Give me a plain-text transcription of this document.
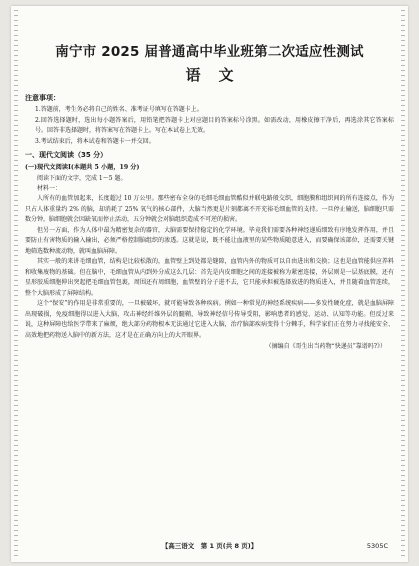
南宁市 2025 届普通高中毕业班第二次适应性测试
语文
注意事项：

1.答题前，考生务必将自己的姓名、准考证号填写在答题卡上。

2.回答选择题时，选出每小题答案后，用铅笔把答题卡上对应题目的答案标号涂黑。如需改动，用橡皮擦干净后，再选涂其它答案标号。回答非选择题时，将答案写在答题卡上。写在本试卷上无效。

3.考试结束后，将本试卷和答题卡一并交回。

一、现代文阅读（35 分）
(一)现代文阅读Ⅰ(本题共 5 小题，19 分)
阅读下面的文字，完成 1～5 题。
材料一：

人所有的血管加起来，长度超过 10 万公里。那些密布全身的毛细毛细血管酷似并联电路般交织，细胞膜和组织间的所有连接点，作为只占人体重量约 2% 的脑，却消耗了 25% 氧气的核心部件，大脑当然更是片刻都离不开充裕毛细血管的支持。一旦停止输送，脑细胞只需数分钟，脑细胞就会因缺氧而停止活动，五分钟就会对脑组织造成不可逆的损害。

但另一方面，作为人体中最为精密复杂的器官，大脑需要保持稳定的化学环境。毕竟我们需要各种神经递质细致有序地发挥作用，并且要防止有害物质的输入输出，必须严格控制脑组织的渗透。这就是说，既不能让血液里的某些物质随意进入，而要确保该部位，还需要关键地筛选数种流动物，就叫血脑屏障。

其实一般的来讲毛细血管，结构是比较松散的，血管壁上到处都是缝隙，血管内外的物质可以自由进出和交换；这也是血管能供应养料和收集废物的基础。但在脑中，毛细血管从内到外分成这么几层：首先是内皮细胞之间的连接被称为紧密连接，外层则是一层基底膜，还有星形胶质细胞伸出突起把毛细血管包裹，周围还有周细胞，血管壁的分子进不去，它只能承担被选择放进的物质进入，并且随着血管连续，整个大脑形成了屏障结构。

这个“保安”的作用是非常重要的，一旦被破坏，就可能导致各种疾病。例如一种常见的神经系统疾病——多发性硬化症，就是血脑屏障出现破损，免疫细胞得以进入大脑，攻击神经纤维外层的髓鞘，导致神经信号传导受阻，影响患者的感觉、运动、认知等功能。但反过来说，这种屏障也给医学带来了麻烦，绝大部分药物根本无法通过它进入大脑，治疗脑部疾病变得十分棘手，科学家们正在努力寻找能安全、高效地把药物送入脑中的新方法，这才是在正确方向上的大开眼界。

（摘编自《哥生出当药物“快递员”靠谱吗?》）
【高三语文　第 1 页(共 8 页)】	5305C
